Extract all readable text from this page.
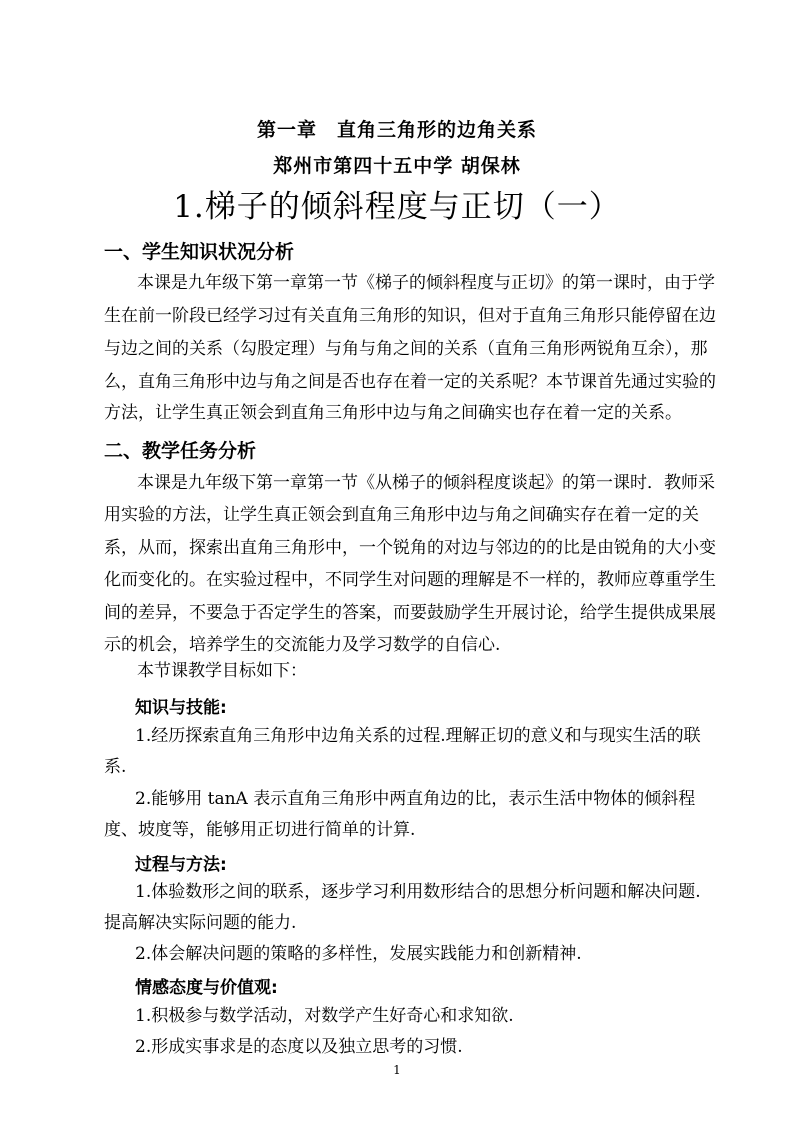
第一章　直角三角形的边角关系
郑州市第四十五中学 胡保林
1.梯子的倾斜程度与正切（一）
一、学生知识状况分析
本课是九年级下第一章第一节《梯子的倾斜程度与正切》的第一课时，由于学
生在前一阶段已经学习过有关直角三角形的知识，但对于直角三角形只能停留在边
与边之间的关系（勾股定理）与角与角之间的关系（直角三角形两锐角互余），那
么，直角三角形中边与角之间是否也存在着一定的关系呢？本节课首先通过实验的
方法，让学生真正领会到直角三角形中边与角之间确实也存在着一定的关系。
二、教学任务分析
本课是九年级下第一章第一节《从梯子的倾斜程度谈起》的第一课时．教师采
用实验的方法，让学生真正领会到直角三角形中边与角之间确实存在着一定的关
系，从而，探索出直角三角形中，一个锐角的对边与邻边的的比是由锐角的大小变
化而变化的。在实验过程中，不同学生对问题的理解是不一样的，教师应尊重学生
间的差异，不要急于否定学生的答案，而要鼓励学生开展讨论，给学生提供成果展
示的机会，培养学生的交流能力及学习数学的自信心.
本节课教学目标如下：
知识与技能:
1.经历探索直角三角形中边角关系的过程.理解正切的意义和与现实生活的联
系.
2.能够用 tanA 表示直角三角形中两直角边的比，表示生活中物体的倾斜程
度、坡度等，能够用正切进行简单的计算.
过程与方法:
1.体验数形之间的联系，逐步学习利用数形结合的思想分析问题和解决问题.
提高解决实际问题的能力.
2.体会解决问题的策略的多样性，发展实践能力和创新精神.
情感态度与价值观:
1.积极参与数学活动，对数学产生好奇心和求知欲.
2.形成实事求是的态度以及独立思考的习惯.
1
